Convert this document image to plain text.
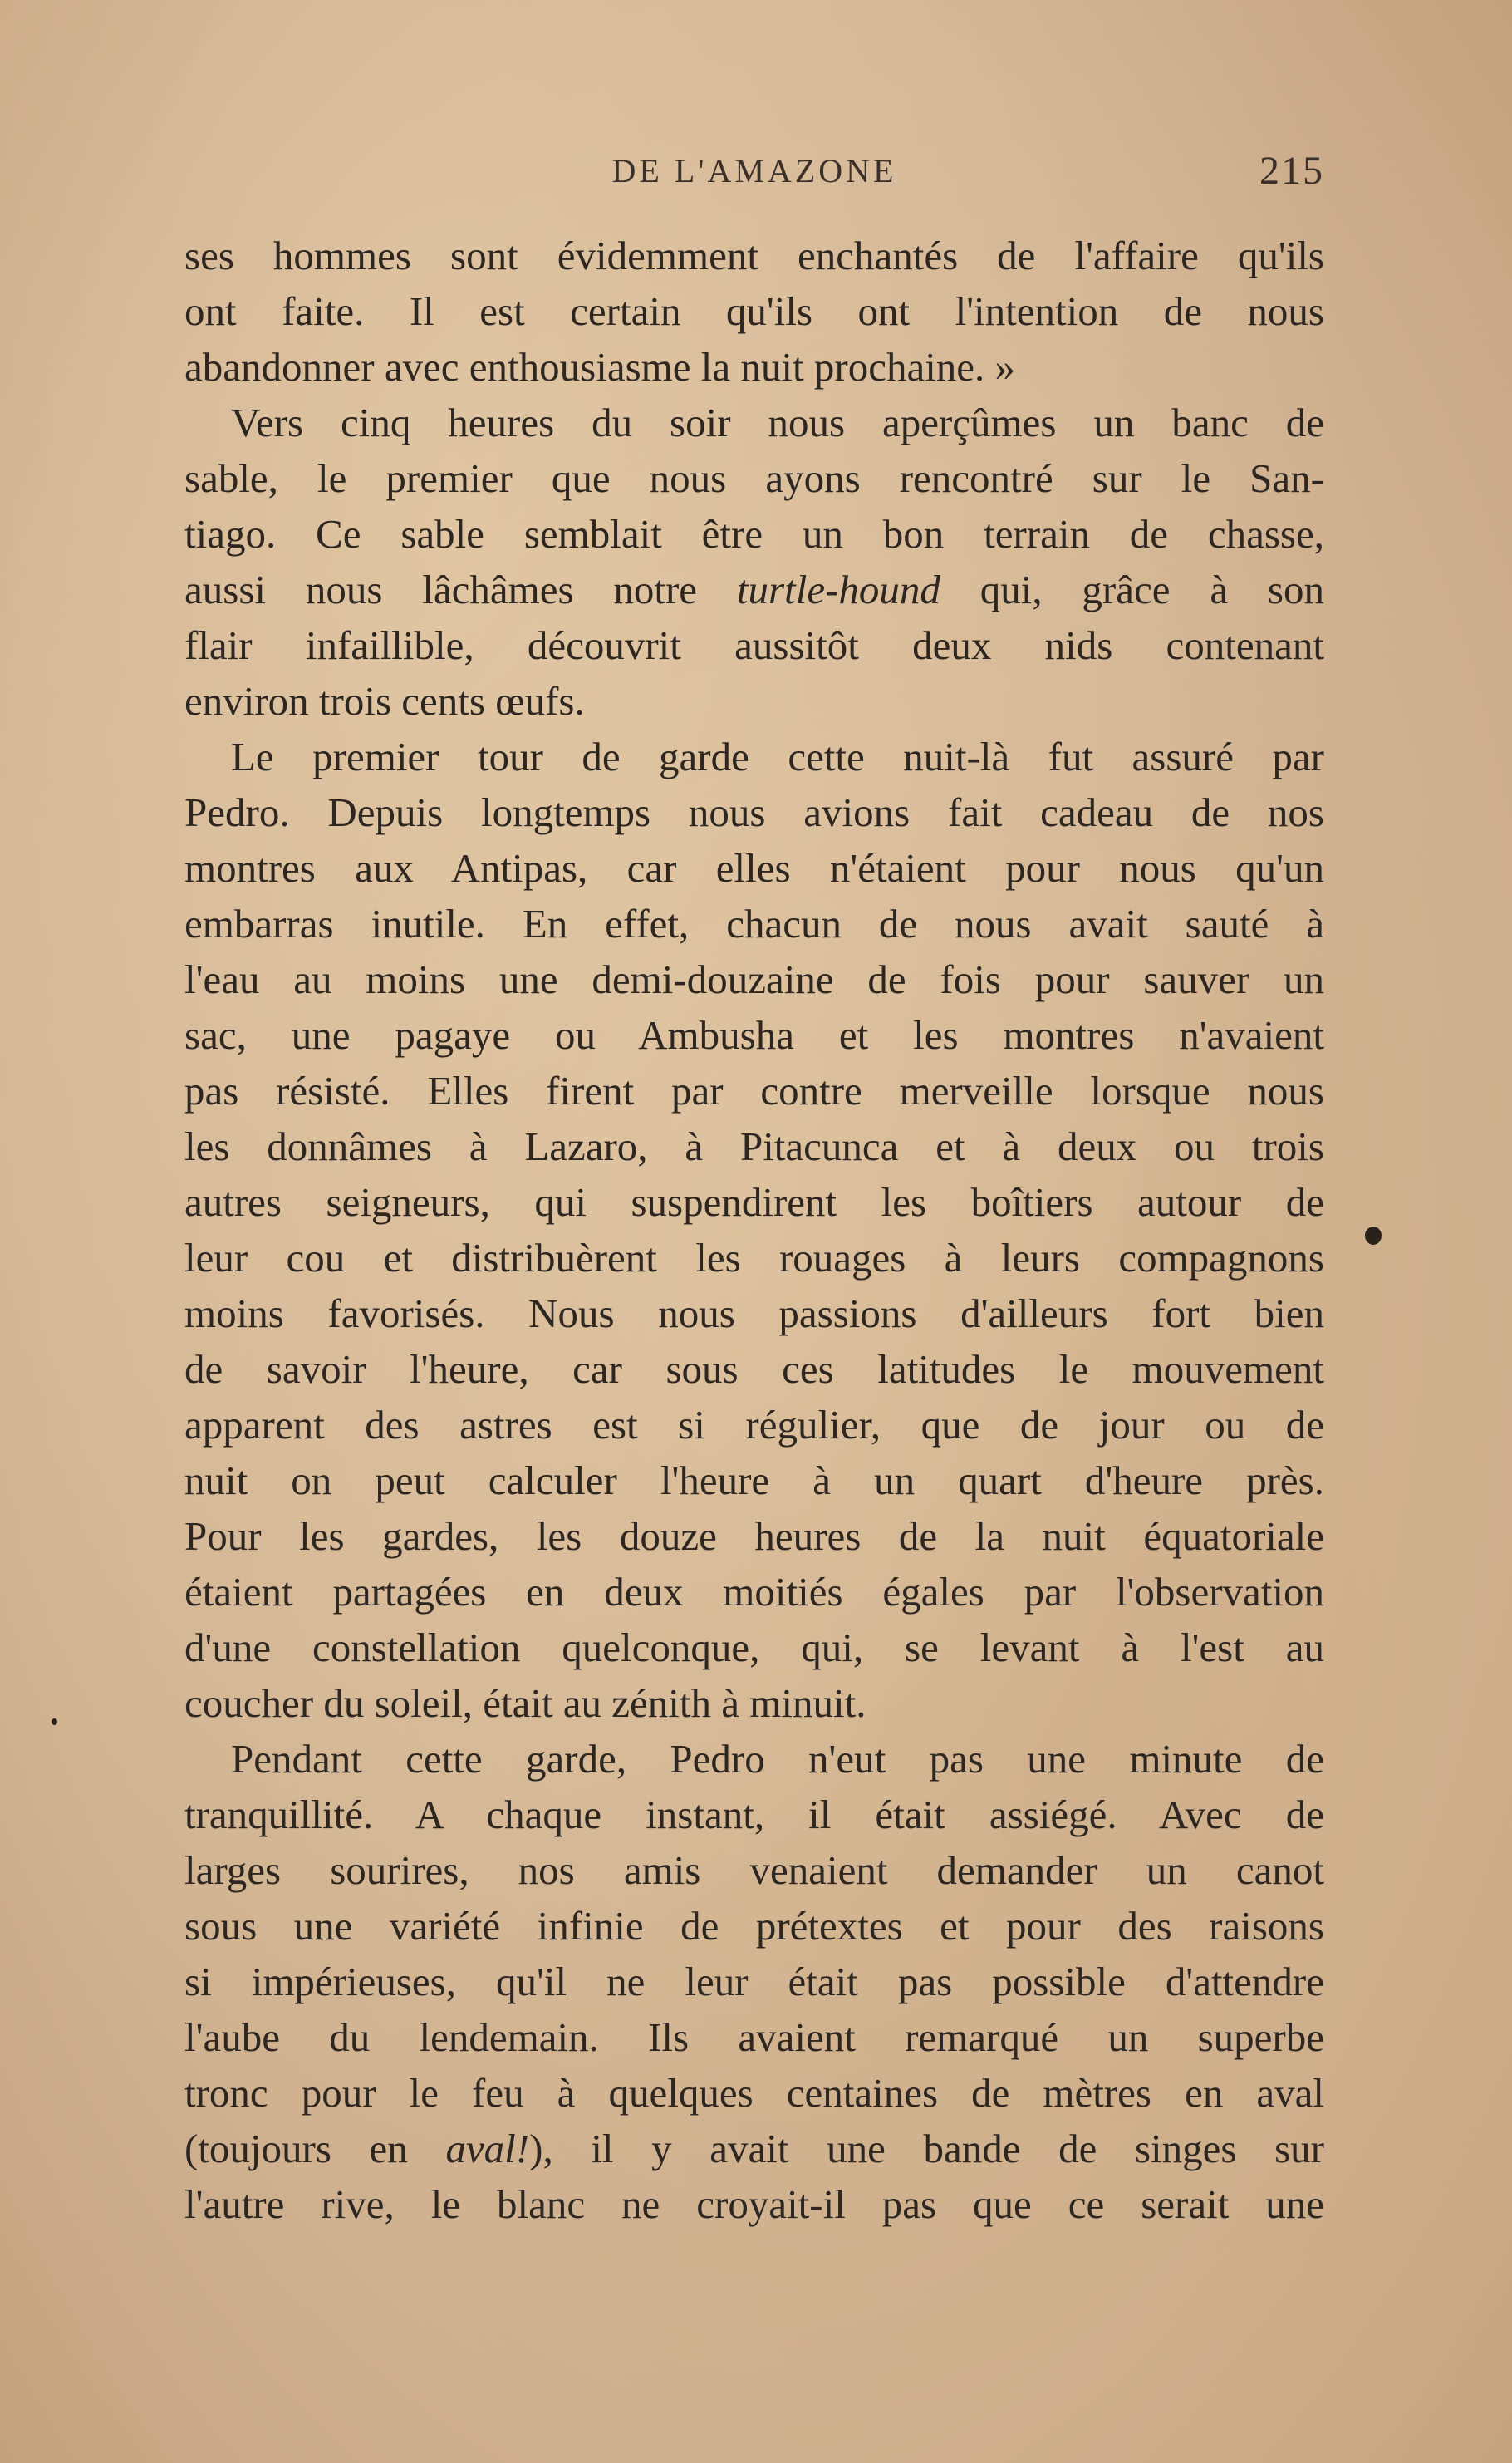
DE L'AMAZONE	215
ses hommes sont évidemment enchantés de l'affaire qu'ils
ont faite. Il est certain qu'ils ont l'intention de nous
abandonner avec enthousiasme la nuit prochaine. »
Vers cinq heures du soir nous aperçûmes un banc de
sable, le premier que nous ayons rencontré sur le San-
tiago. Ce sable semblait être un bon terrain de chasse,
aussi nous lâchâmes notre turtle-hound qui, grâce à son
flair infaillible, découvrit aussitôt deux nids contenant
environ trois cents œufs.
Le premier tour de garde cette nuit-là fut assuré par
Pedro. Depuis longtemps nous avions fait cadeau de nos
montres aux Antipas, car elles n'étaient pour nous qu'un
embarras inutile. En effet, chacun de nous avait sauté à
l'eau au moins une demi-douzaine de fois pour sauver un
sac, une pagaye ou Ambusha et les montres n'avaient
pas résisté. Elles firent par contre merveille lorsque nous
les donnâmes à Lazaro, à Pitacunca et à deux ou trois
autres seigneurs, qui suspendirent les boîtiers autour de
leur cou et distribuèrent les rouages à leurs compagnons
moins favorisés. Nous nous passions d'ailleurs fort bien
de savoir l'heure, car sous ces latitudes le mouvement
apparent des astres est si régulier, que de jour ou de
nuit on peut calculer l'heure à un quart d'heure près.
Pour les gardes, les douze heures de la nuit équatoriale
étaient partagées en deux moitiés égales par l'observation
d'une constellation quelconque, qui, se levant à l'est au
coucher du soleil, était au zénith à minuit.
Pendant cette garde, Pedro n'eut pas une minute de
tranquillité. A chaque instant, il était assiégé. Avec de
larges sourires, nos amis venaient demander un canot
sous une variété infinie de prétextes et pour des raisons
si impérieuses, qu'il ne leur était pas possible d'attendre
l'aube du lendemain. Ils avaient remarqué un superbe
tronc pour le feu à quelques centaines de mètres en aval
(toujours en aval!), il y avait une bande de singes sur
l'autre rive, le blanc ne croyait-il pas que ce serait une
